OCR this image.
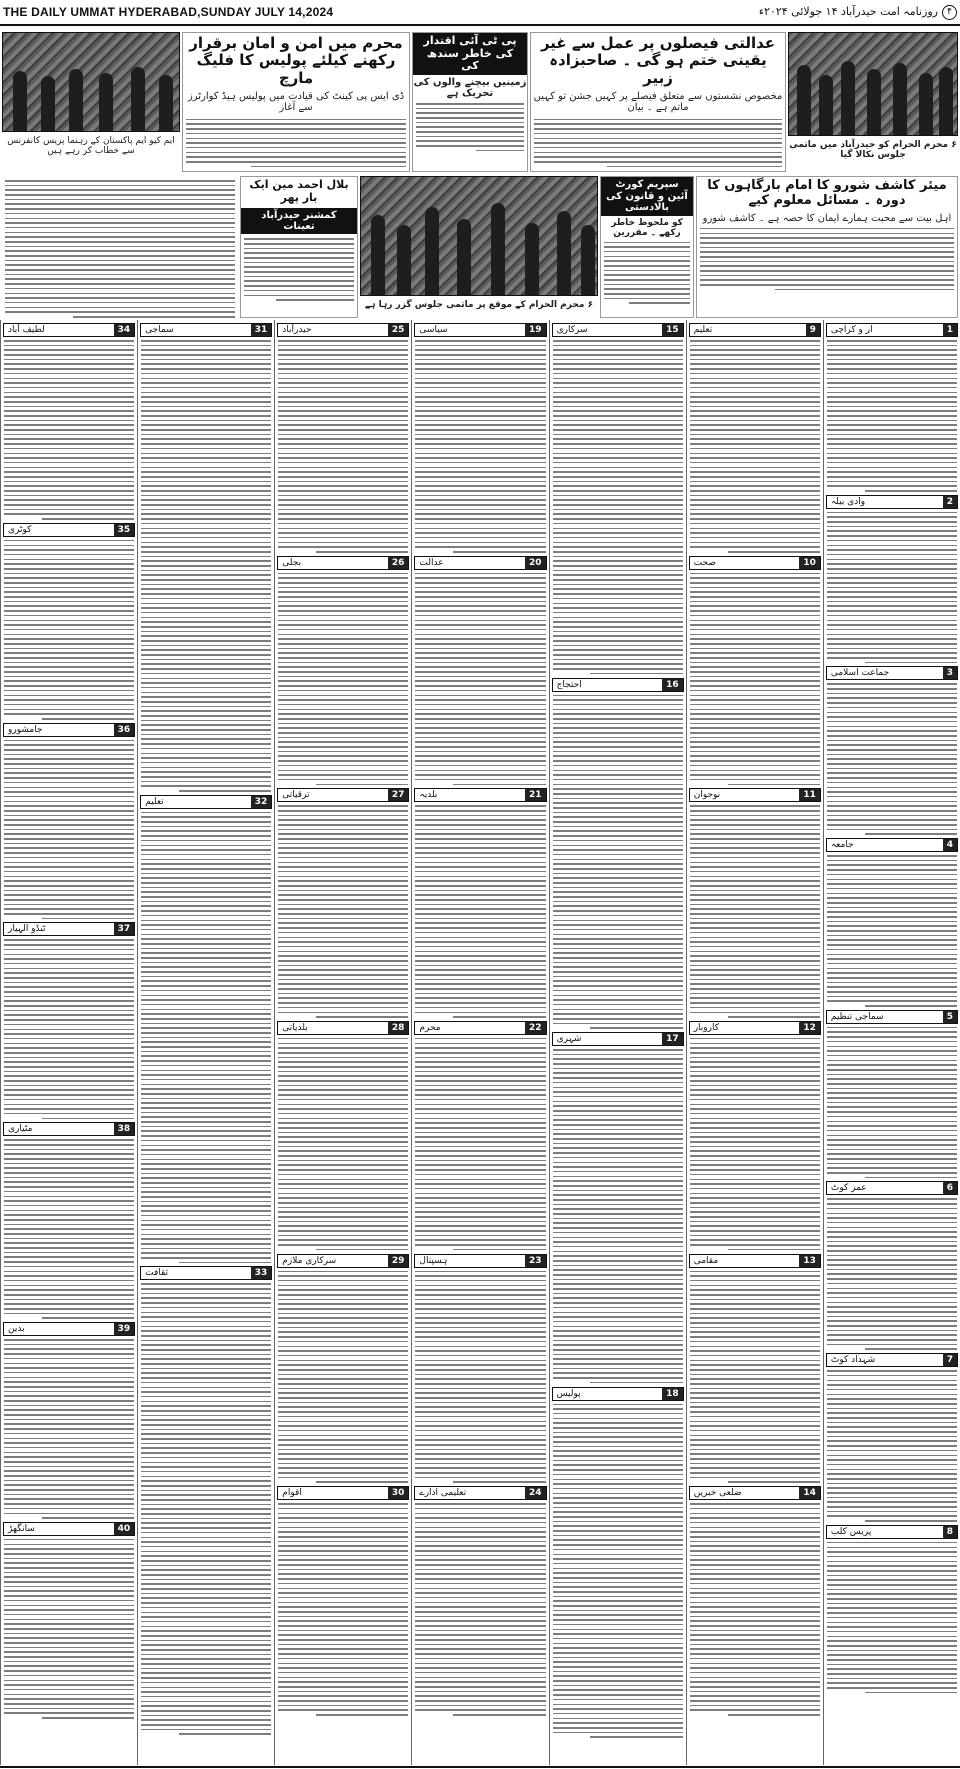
THE DAILY UMMAT HYDERABAD,SUNDAY JULY 14,2024	روزنامہ امت حیدرآباد ۱۴ جولائی ۲۰۲۴ء	۴
ایم کیو ایم پاکستان کے رہنما پریس کانفرنس سے خطاب کر رہے ہیں
محرم میں امن و امان برقرار رکھنے کیلئے پولیس کا فلیگ مارچ
ڈی ایس پی کینٹ کی قیادت میں پولیس ہیڈ کوارٹرز سے آغاز
پی ٹی آئی اقتدار کی خاطر سندھ کی
زمینیں بیچنے والوں کی تحریک ہے
عدالتی فیصلوں پر عمل سے غیر یقینی ختم ہو گی ۔ صاحبزادہ زبیر
مخصوص نشستوں سے متعلق فیصلے پر کہیں جشن تو کہیں ماتم ہے ۔ بیان
۶ محرم الحرام کو حیدرآباد میں ماتمی جلوس نکالا گیا
بلال احمد مین ایک بار پھر
کمشنر حیدرآباد تعینات
۶ محرم الحرام کے موقع پر ماتمی جلوس گزر رہا ہے
سپریم کورٹ آئین و قانون کی بالادستی
کو ملحوظ خاطر رکھے ۔ مقررین
میئر کاشف شورو کا امام بارگاہوں کا دورہ ۔ مسائل معلوم کیے
اہل بیت سے محبت ہمارے ایمان کا حصہ ہے ۔ کاشف شورو
1
ار و کراچی
2
وادی بیلہ
3
جماعت اسلامی
4
جامعہ
5
سماجی تنظیم
6
عمر کوٹ
7
شہداد کوٹ
8
پریس کلب
9
تعلیم
10
صحت
11
نوجوان
12
کاروبار
13
مقامی
14
ضلعی خبریں
15
سرکاری
16
احتجاج
17
شہری
18
پولیس
19
سیاسی
20
عدالت
21
بلدیہ
22
محرم
23
ہسپتال
24
تعلیمی ادارے
25
حیدرآباد
26
بجلی
27
ترقیاتی
28
بلدیاتی
29
سرکاری ملازم
30
اقوام
31
سماجی
32
تعلیم
33
ثقافت
34
لطیف آباد
35
کوٹری
36
جامشورو
37
ٹنڈو الہیار
38
مٹیاری
39
بدین
40
سانگھڑ
